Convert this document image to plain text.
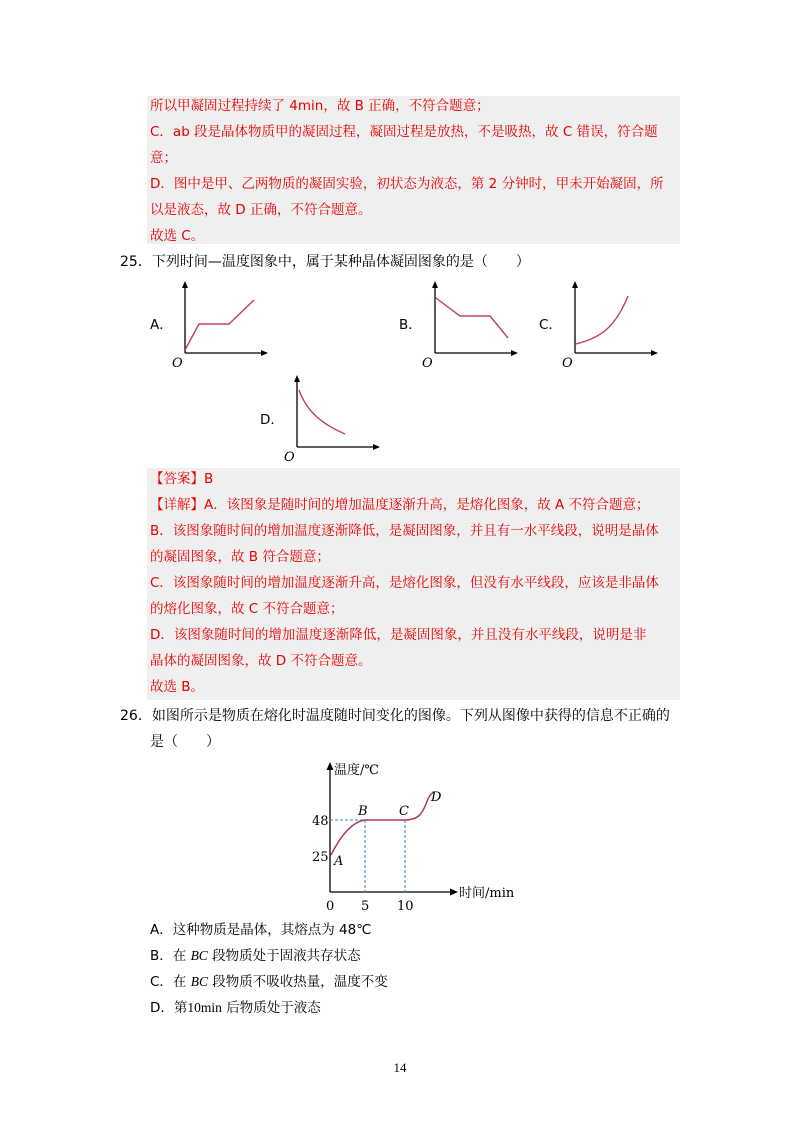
所以甲凝固过程持续了 4min，故 B 正确，不符合题意；
C．ab 段是晶体物质甲的凝固过程，凝固过程是放热，不是吸热，故 C 错误，符合题
意；
D．图中是甲、乙两物质的凝固实验，初状态为液态，第 2 分钟时，甲未开始凝固，所
以是液态，故 D 正确，不符合题意。
故选 C。
25．下列时间—温度图象中，属于某种晶体凝固图象的是（　　）
A．
O
B．
O
C．
O
D．
O
【答案】B
【详解】A．该图象是随时间的增加温度逐渐升高，是熔化图象，故 A 不符合题意；
B．该图象随时间的增加温度逐渐降低，是凝固图象，并且有一水平线段，说明是晶体
的凝固图象，故 B 符合题意；
C．该图象随时间的增加温度逐渐升高，是熔化图象，但没有水平线段，应该是非晶体
的熔化图象，故 C 不符合题意；
D．该图象随时间的增加温度逐渐降低，是凝固图象，并且没有水平线段，说明是非
晶体的凝固图象，故 D 不符合题意。
故选 B。
26．如图所示是物质在熔化时温度随时间变化的图像。下列从图像中获得的信息不正确的
是（　　）
温度/℃
时间/min
48
25
0 5 10
A
B C
D
A．这种物质是晶体，其熔点为 48℃
B．在 BC 段物质处于固液共存状态
C．在 BC 段物质不吸收热量，温度不变
D．第10min 后物质处于液态
14
